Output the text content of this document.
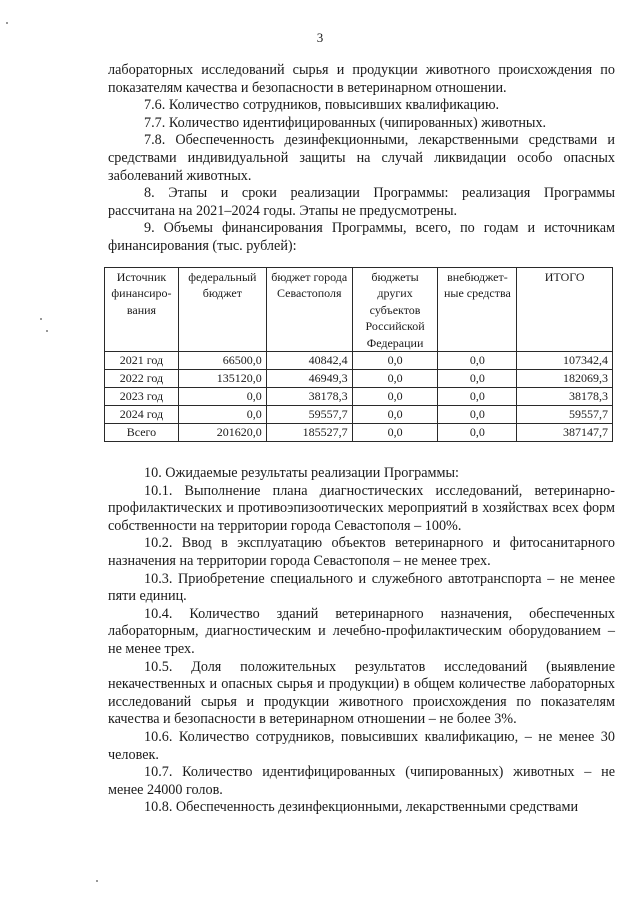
3

лабораторных исследований сырья и продукции животного происхождения по показателям качества и безопасности в ветеринарном отношении.

7.6. Количество сотрудников, повысивших квалификацию.

7.7. Количество идентифицированных (чипированных) животных.

7.8. Обеспеченность дезинфекционными, лекарственными средствами и средствами индивидуальной защиты на случай ликвидации особо опасных заболеваний животных.

8. Этапы и сроки реализации Программы: реализация Программы рассчитана на 2021–2024 годы. Этапы не предусмотрены.

9. Объемы финансирования Программы, всего, по годам и источникам финансирования (тыс. рублей):

Источник финансиро-вания	федеральный бюджет	бюджет города Севастополя	бюджеты других субъектов Российской Федерации	внебюджет-ные средства	ИТОГО
2021 год	66500,0	40842,4	0,0	0,0	107342,4
2022 год	135120,0	46949,3	0,0	0,0	182069,3
2023 год	0,0	38178,3	0,0	0,0	38178,3
2024 год	0,0	59557,7	0,0	0,0	59557,7
Всего	201620,0	185527,7	0,0	0,0	387147,7

10. Ожидаемые результаты реализации Программы:

10.1. Выполнение плана диагностических исследований, ветеринарно-профилактических и противоэпизоотических мероприятий в хозяйствах всех форм собственности на территории города Севастополя – 100%.

10.2. Ввод в эксплуатацию объектов ветеринарного и фитосанитарного назначения на территории города Севастополя – не менее трех.

10.3. Приобретение специального и служебного автотранспорта – не менее пяти единиц.

10.4. Количество зданий ветеринарного назначения, обеспеченных лабораторным, диагностическим и лечебно-профилактическим оборудованием – не менее трех.

10.5. Доля положительных результатов исследований (выявление некачественных и опасных сырья и продукции) в общем количестве лабораторных исследований сырья и продукции животного происхождения по показателям качества и безопасности в ветеринарном отношении – не более 3%.

10.6. Количество сотрудников, повысивших квалификацию, – не менее 30 человек.

10.7. Количество идентифицированных (чипированных) животных – не менее 24000 голов.

10.8. Обеспеченность дезинфекционными, лекарственными средствами
